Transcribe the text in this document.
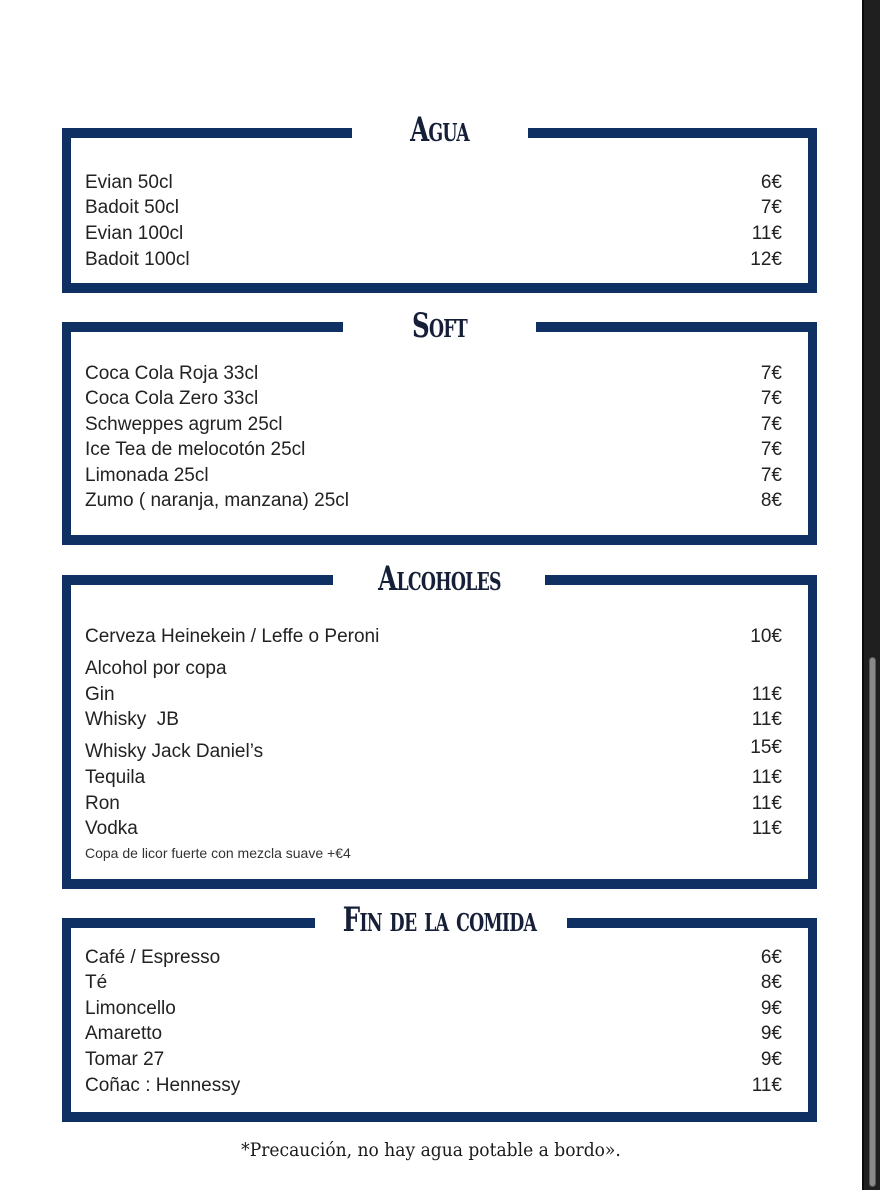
Agua
Evian 50cl	6€
Badoit 50cl	7€
Evian 100cl	11€
Badoit 100cl	12€
Soft
Coca Cola Roja 33cl	7€
Coca Cola Zero 33cl	7€
Schweppes agrum 25cl	7€
Ice Tea de melocotón 25cl	7€
Limonada 25cl	7€
Zumo ( naranja, manzana) 25cl	8€
Alcoholes
Cerveza Heinekein / Leffe o Peroni	10€
Alcohol por copa
Gin	11€
Whisky  JB	11€
Whisky Jack Daniel’s	15€
Tequila	11€
Ron	11€
Vodka	11€
Copa de licor fuerte con mezcla suave +€4
Fin de la comida
Café / Espresso	6€
Té	8€
Limoncello	9€
Amaretto	9€
Tomar 27	9€
Coñac : Hennessy	11€
*Precaución, no hay agua potable a bordo».
